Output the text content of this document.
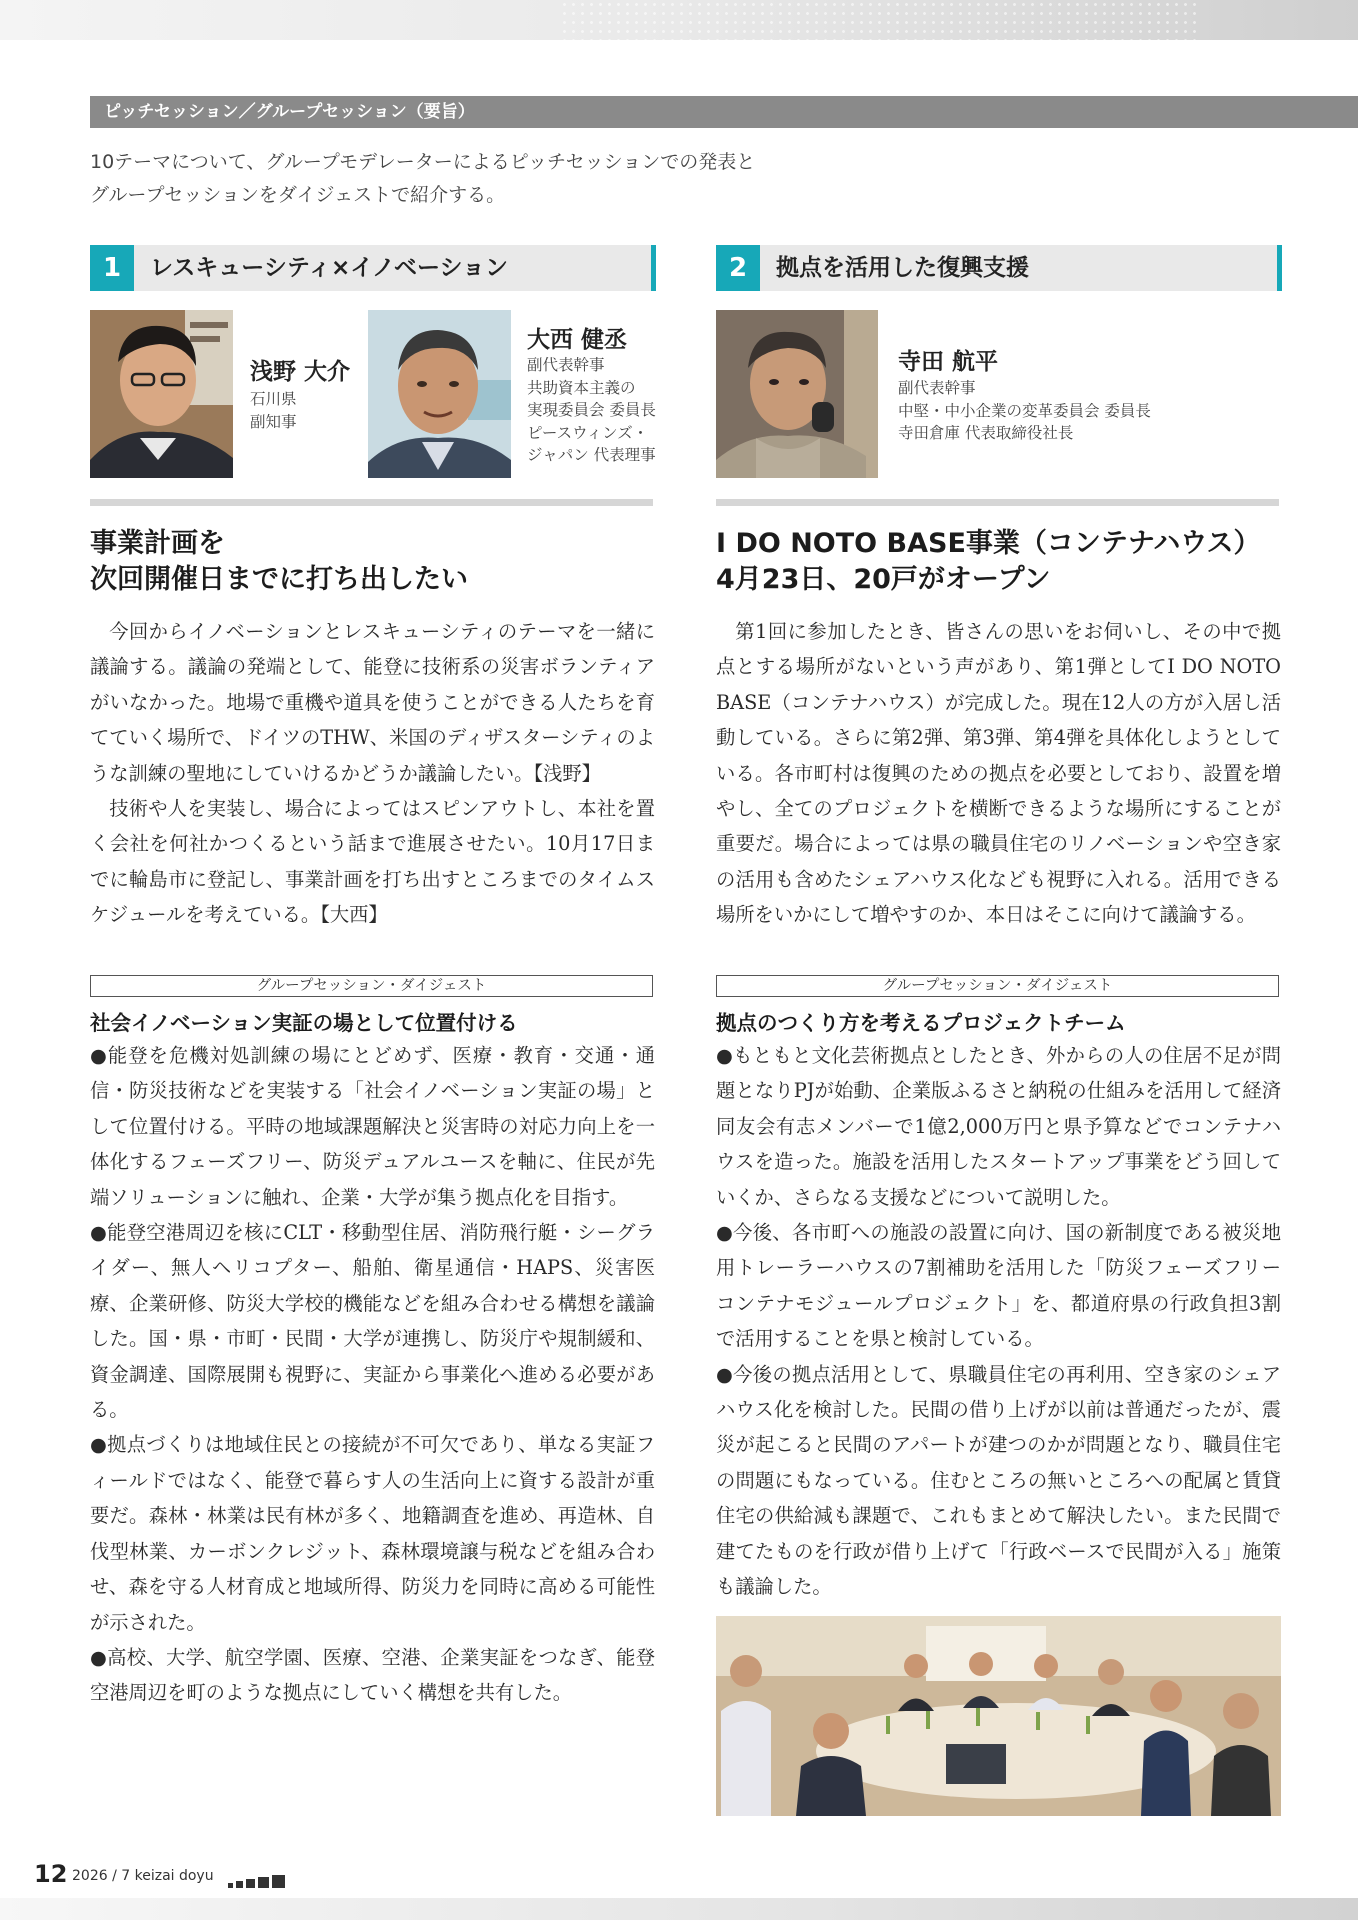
ピッチセッション／グループセッション（要旨）
10テーマについて、グループモデレーターによるピッチセッションでの発表と
グループセッションをダイジェストで紹介する。
1	レスキューシティ×イノベーション
浅野 大介
石川県
副知事
大西 健丞
副代表幹事
共助資本主義の
実現委員会 委員長
ピースウィンズ・
ジャパン 代表理事
事業計画を
次回開催日までに打ち出したい

今回からイノベーションとレスキューシティのテーマを一緒に議論する。議論の発端として、能登に技術系の災害ボランティアがいなかった。地場で重機や道具を使うことができる人たちを育てていく場所で、ドイツのTHW、米国のディザスターシティのような訓練の聖地にしていけるかどうか議論したい。【浅野】

技術や人を実装し、場合によってはスピンアウトし、本社を置く会社を何社かつくるという話まで進展させたい。10月17日までに輪島市に登記し、事業計画を打ち出すところまでのタイムスケジュールを考えている。【大西】

グループセッション・ダイジェスト
社会イノベーション実証の場として位置付ける

●能登を危機対処訓練の場にとどめず、医療・教育・交通・通信・防災技術などを実装する「社会イノベーション実証の場」として位置付ける。平時の地域課題解決と災害時の対応力向上を一体化するフェーズフリー、防災デュアルユースを軸に、住民が先端ソリューションに触れ、企業・大学が集う拠点化を目指す。

●能登空港周辺を核にCLT・移動型住居、消防飛行艇・シーグライダー、無人ヘリコプター、船舶、衛星通信・HAPS、災害医療、企業研修、防災大学校的機能などを組み合わせる構想を議論した。国・県・市町・民間・大学が連携し、防災庁や規制緩和、資金調達、国際展開も視野に、実証から事業化へ進める必要がある。

●拠点づくりは地域住民との接続が不可欠であり、単なる実証フィールドではなく、能登で暮らす人の生活向上に資する設計が重要だ。森林・林業は民有林が多く、地籍調査を進め、再造林、自伐型林業、カーボンクレジット、森林環境譲与税などを組み合わせ、森を守る人材育成と地域所得、防災力を同時に高める可能性が示された。

●高校、大学、航空学園、医療、空港、企業実証をつなぎ、能登空港周辺を町のような拠点にしていく構想を共有した。

2	拠点を活用した復興支援
寺田 航平
副代表幹事
中堅・中小企業の変革委員会 委員長
寺田倉庫 代表取締役社長
I DO NOTO BASE事業（コンテナハウス）
4月23日、20戸がオープン

第1回に参加したとき、皆さんの思いをお伺いし、その中で拠点とする場所がないという声があり、第1弾としてI DO NOTO BASE（コンテナハウス）が完成した。現在12人の方が入居し活動している。さらに第2弾、第3弾、第4弾を具体化しようとしている。各市町村は復興のための拠点を必要としており、設置を増やし、全てのプロジェクトを横断できるような場所にすることが重要だ。場合によっては県の職員住宅のリノベーションや空き家の活用も含めたシェアハウス化なども視野に入れる。活用できる場所をいかにして増やすのか、本日はそこに向けて議論する。

グループセッション・ダイジェスト
拠点のつくり方を考えるプロジェクトチーム

●もともと文化芸術拠点としたとき、外からの人の住居不足が問題となりPJが始動、企業版ふるさと納税の仕組みを活用して経済同友会有志メンバーで1億2,000万円と県予算などでコンテナハウスを造った。施設を活用したスタートアップ事業をどう回していくか、さらなる支援などについて説明した。

●今後、各市町への施設の設置に向け、国の新制度である被災地用トレーラーハウスの7割補助を活用した「防災フェーズフリーコンテナモジュールプロジェクト」を、都道府県の行政負担3割で活用することを県と検討している。

●今後の拠点活用として、県職員住宅の再利用、空き家のシェアハウス化を検討した。民間の借り上げが以前は普通だったが、震災が起こると民間のアパートが建つのかが問題となり、職員住宅の問題にもなっている。住むところの無いところへの配属と賃貸住宅の供給減も課題で、これもまとめて解決したい。また民間で建てたものを行政が借り上げて「行政ベースで民間が入る」施策も議論した。

12 2026 / 7 keizai doyu
